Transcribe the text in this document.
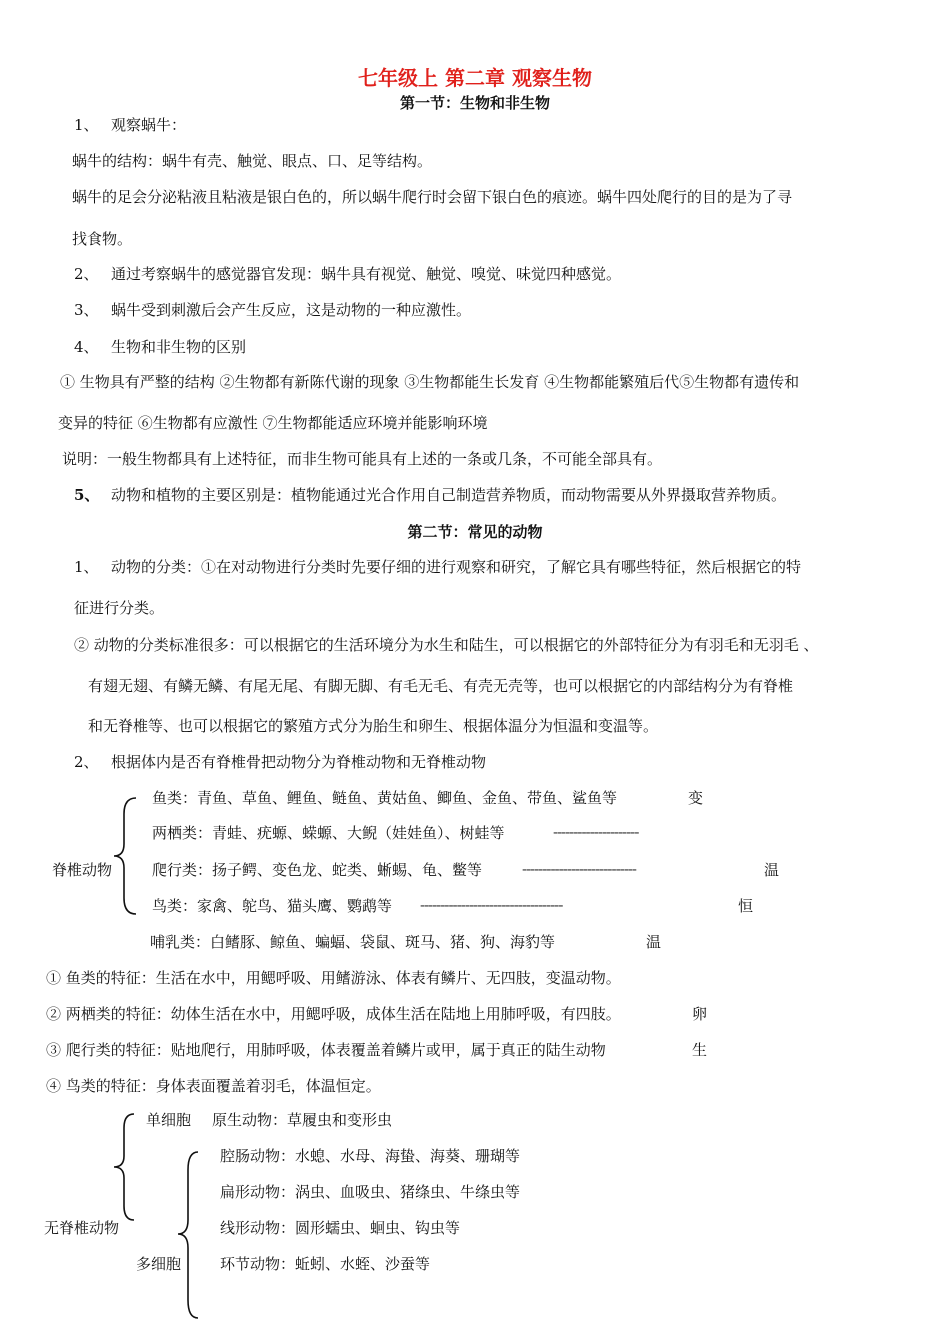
七年级上 第二章 观察生物
第一节：生物和非生物
1、 观察蜗牛：
蜗牛的结构：蜗牛有壳、触觉、眼点、口、足等结构。
蜗牛的足会分泌粘液且粘液是银白色的，所以蜗牛爬行时会留下银白色的痕迹。蜗牛四处爬行的目的是为了寻
找食物。
2、 通过考察蜗牛的感觉器官发现：蜗牛具有视觉、触觉、嗅觉、味觉四种感觉。
3、 蜗牛受到刺激后会产生反应，这是动物的一种应激性。
4、 生物和非生物的区别
① 生物具有严整的结构 ②生物都有新陈代谢的现象 ③生物都能生长发育 ④生物都能繁殖后代⑤生物都有遗传和
变异的特征 ⑥生物都有应激性 ⑦生物都能适应环境并能影响环境
说明：一般生物都具有上述特征，而非生物可能具有上述的一条或几条，不可能全部具有。
5、 动物和植物的主要区别是：植物能通过光合作用自己制造营养物质，而动物需要从外界摄取营养物质。
第二节：常见的动物
1、 动物的分类：①在对动物进行分类时先要仔细的进行观察和研究，了解它具有哪些特征，然后根据它的特
征进行分类。
② 动物的分类标准很多：可以根据它的生活环境分为水生和陆生，可以根据它的外部特征分为有羽毛和无羽毛 、
有翅无翅、有鳞无鳞、有尾无尾、有脚无脚、有毛无毛、有壳无壳等，也可以根据它的内部结构分为有脊椎
和无脊椎等、也可以根据它的繁殖方式分为胎生和卵生、根据体温分为恒温和变温等。
2、 根据体内是否有脊椎骨把动物分为脊椎动物和无脊椎动物
脊椎动物
鱼类：青鱼、草鱼、鲤鱼、鲢鱼、黄姑鱼、鲫鱼、金鱼、带鱼、鲨鱼等	变
两栖类：青蛙、疣螈、蝾螈、大鲵（娃娃鱼）、树蛙等	---------------------
爬行类：扬子鳄、变色龙、蛇类、蜥蜴、龟、鳖等	----------------------------	温
鸟类：家禽、鸵鸟、猫头鹰、鹦鹉等 -----------------------------------	恒
哺乳类：白鳍豚、鲸鱼、蝙蝠、袋鼠、斑马、猪、狗、海豹等	温
① 鱼类的特征：生活在水中，用鳃呼吸、用鳍游泳、体表有鳞片、无四肢，变温动物。
② 两栖类的特征：幼体生活在水中，用鳃呼吸，成体生活在陆地上用肺呼吸，有四肢。	卵
③ 爬行类的特征：贴地爬行，用肺呼吸，体表覆盖着鳞片或甲，属于真正的陆生动物	生
④ 鸟类的特征：身体表面覆盖着羽毛，体温恒定。
无脊椎动物
单细胞 原生动物：草履虫和变形虫
多细胞
腔肠动物：水螅、水母、海蛰、海葵、珊瑚等
扁形动物：涡虫、血吸虫、猪绦虫、牛绦虫等
线形动物：圆形蠕虫、蛔虫、钩虫等
环节动物：蚯蚓、水蛭、沙蚕等
